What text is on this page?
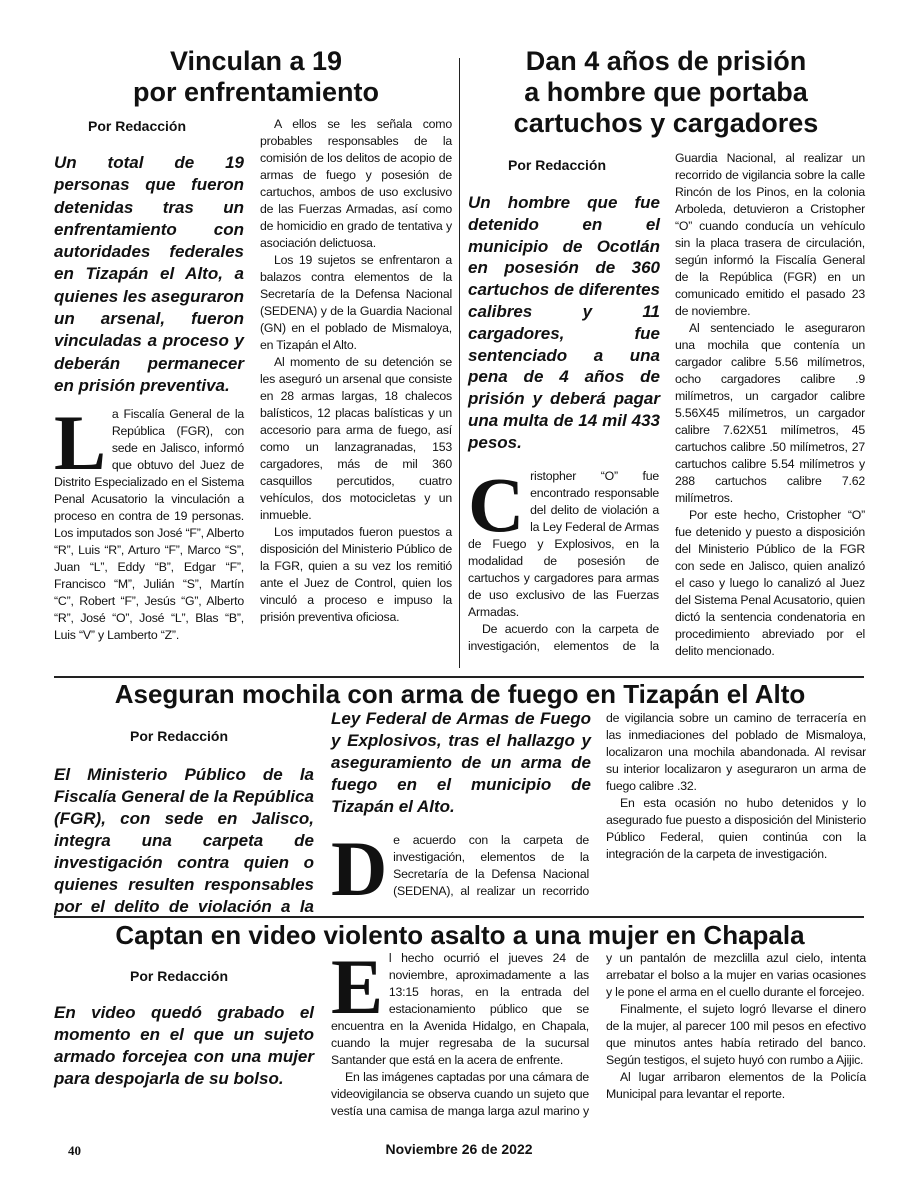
Vinculan a 19
por enfrentamiento
Por Redacción

Un total de 19 personas que fueron detenidas tras un enfrentamiento con autoridades federales en Tizapán el Alto, a quienes les aseguraron un arsenal, fueron vinculadas a proceso y deberán permanecer en prisión preventiva.

L a Fiscalía General de la República (FGR), con sede en Jalisco, informó que obtuvo del Juez de Distrito Especializado en el Sistema Penal Acusatorio la vinculación a proceso en contra de 19 personas. Los imputados son José “F”, Alberto “R”, Luis “R”, Arturo “F”, Marco “S”, Juan “L”, Eddy “B”, Edgar “F”, Francisco “M”, Julián “S”, Martín “C”, Robert “F”, Jesús “G”, Alberto “R”, José “O”, José “L”, Blas “B”, Luis “V” y Lamberto “Z”.

A ellos se les señala como probables responsables de la comisión de los delitos de acopio de armas de fuego y posesión de cartuchos, ambos de uso exclusivo de las Fuerzas Armadas, así como de homicidio en grado de tentativa y asociación delictuosa.

Los 19 sujetos se enfrentaron a balazos contra elementos de la Secretaría de la Defensa Nacional (SEDENA) y de la Guardia Nacional (GN) en el poblado de Mismaloya, en Tizapán el Alto.

Al momento de su detención se les aseguró un arsenal que consiste en 28 armas largas, 18 chalecos balísticos, 12 placas balísticas y un accesorio para arma de fuego, así como un lanzagranadas, 153 cargadores, más de mil 360 casquillos percutidos, cuatro vehículos, dos motocicletas y un inmueble.

Los imputados fueron puestos a disposición del Ministerio Público de la FGR, quien a su vez los remitió ante el Juez de Control, quien los vinculó a proceso e impuso la prisión preventiva oficiosa.

Dan 4 años de prisión
a hombre que portaba
cartuchos y cargadores
Por Redacción

Un hombre que fue detenido en el municipio de Ocotlán en posesión de 360 cartuchos de diferentes calibres y 11 cargadores, fue sentenciado a una pena de 4 años de prisión y deberá pagar una multa de 14 mil 433 pesos.

C ristopher “O” fue encontrado responsable del delito de violación a la Ley Federal de Armas de Fuego y Explosivos, en la modalidad de posesión de cartuchos y cargadores para armas de uso exclusivo de las Fuerzas Armadas.

De acuerdo con la carpeta de investigación, elementos de la

Guardia Nacional, al realizar un recorrido de vigilancia sobre la calle Rincón de los Pinos, en la colonia Arboleda, detuvieron a Cristopher “O” cuando conducía un vehículo sin la placa trasera de circulación, según informó la Fiscalía General de la República (FGR) en un comunicado emitido el pasado 23 de noviembre.

Al sentenciado le aseguraron una mochila que contenía un cargador calibre 5.56 milímetros, ocho cargadores calibre .9 milímetros, un cargador calibre 5.56X45 milímetros, un cargador calibre 7.62X51 milímetros, 45 cartuchos calibre .50 milímetros, 27 cartuchos calibre 5.54 milímetros y 288 cartuchos calibre 7.62 milímetros.

Por este hecho, Cristopher “O” fue detenido y puesto a disposición del Ministerio Público de la FGR con sede en Jalisco, quien analizó el caso y luego lo canalizó al Juez del Sistema Penal Acusatorio, quien dictó la sentencia condenatoria en procedimiento abreviado por el delito mencionado.

Aseguran mochila con arma de fuego en Tizapán el Alto
Por Redacción

El Ministerio Público de la Fiscalía General de la República (FGR), con sede en Jalisco, integra una carpeta de investigación contra quien o quienes resulten responsables por el delito de violación a la

Ley Federal de Armas de Fuego y Explosivos, tras el hallazgo y aseguramiento de un arma de fuego en el municipio de Tizapán el Alto.

D e acuerdo con la carpeta de investigación, elementos de la Secretaría de la Defensa Nacional (SEDENA), al realizar un recorrido

de vigilancia sobre un camino de terracería en las inmediaciones del poblado de Mismaloya, localizaron una mochila abandonada. Al revisar su interior localizaron y aseguraron un arma de fuego calibre .32.

En esta ocasión no hubo detenidos y lo asegurado fue puesto a disposición del Ministerio Público Federal, quien continúa con la integración de la carpeta de investigación.

Captan en video violento asalto a una mujer en Chapala
Por Redacción

En video quedó grabado el momento en el que un sujeto armado forcejea con una mujer para despojarla de su bolso.

E l hecho ocurrió el jueves 24 de noviembre, aproximadamente a las 13:15 horas, en la entrada del estacionamiento público que se encuentra en la Avenida Hidalgo, en Chapala, cuando la mujer regresaba de la sucursal Santander que está en la acera de enfrente.

En las imágenes captadas por una cámara de videovigilancia se observa cuando un sujeto que vestía una camisa de manga larga azul marino y

y un pantalón de mezclilla azul cielo, intenta arrebatar el bolso a la mujer en varias ocasiones y le pone el arma en el cuello durante el forcejeo.

Finalmente, el sujeto logró llevarse el dinero de la mujer, al parecer 100 mil pesos en efectivo que minutos antes había retirado del banco. Según testigos, el sujeto huyó con rumbo a Ajijic.

Al lugar arribaron elementos de la Policía Municipal para levantar el reporte.

40	Noviembre 26 de 2022
